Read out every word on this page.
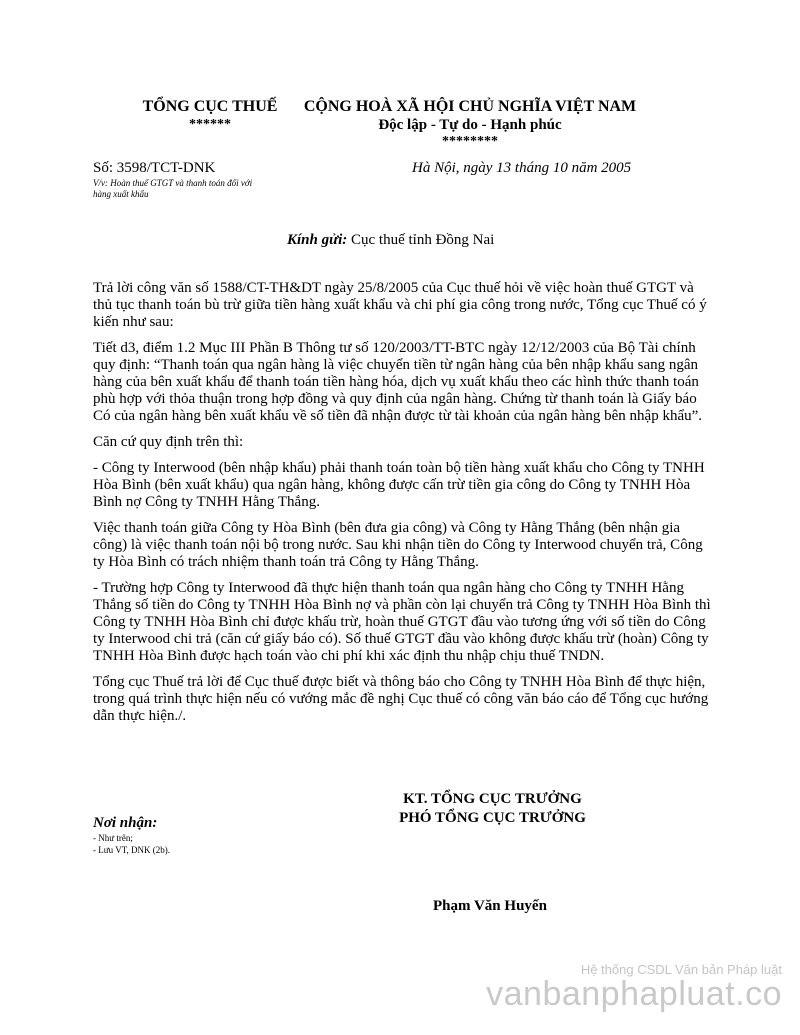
TỔNG CỤC THUẾ
******
CỘNG HOÀ XÃ HỘI CHỦ NGHĨA VIỆT NAM
Độc lập - Tự do - Hạnh phúc
********
Số: 3598/TCT-DNK
V/v: Hoàn thuế GTGT và thanh toán đối với
hàng xuất khẩu
Hà Nội, ngày 13 tháng 10 năm 2005
Kính gửi: Cục thuế tỉnh Đồng Nai

Trả lời công văn số 1588/CT-TH&DT ngày 25/8/2005 của Cục thuế hỏi về việc hoàn thuế GTGT và thủ tục thanh toán bù trừ giữa tiền hàng xuất khẩu và chi phí gia công trong nước, Tổng cục Thuế có ý kiến như sau:

Tiết d3, điểm 1.2 Mục III Phần B Thông tư số 120/2003/TT-BTC ngày 12/12/2003 của Bộ Tài chính quy định: “Thanh toán qua ngân hàng là việc chuyển tiền từ ngân hàng của bên nhập khẩu sang ngân hàng của bên xuất khẩu để thanh toán tiền hàng hóa, dịch vụ xuất khẩu theo các hình thức thanh toán phù hợp với thỏa thuận trong hợp đồng và quy định của ngân hàng. Chứng từ thanh toán là Giấy báo Có của ngân hàng bên xuất khẩu về số tiền đã nhận được từ tài khoản của ngân hàng bên nhập khẩu”.

Căn cứ quy định trên thì:

- Công ty Interwood (bên nhập khẩu) phải thanh toán toàn bộ tiền hàng xuất khẩu cho Công ty TNHH Hòa Bình (bên xuất khẩu) qua ngân hàng, không được cấn trừ tiền gia công do Công ty TNHH Hòa Bình nợ Công ty TNHH Hằng Thắng.

Việc thanh toán giữa Công ty Hòa Bình (bên đưa gia công) và Công ty Hằng Thắng (bên nhận gia công) là việc thanh toán nội bộ trong nước. Sau khi nhận tiền do Công ty Interwood chuyển trả, Công ty Hòa Bình có trách nhiệm thanh toán trả Công ty Hằng Thắng.

- Trường hợp Công ty Interwood đã thực hiện thanh toán qua ngân hàng cho Công ty TNHH Hằng Thắng số tiền do Công ty TNHH Hòa Bình nợ và phần còn lại chuyển trả Công ty TNHH Hòa Bình thì Công ty TNHH Hòa Bình chỉ được khấu trừ, hoàn thuế GTGT đầu vào tương ứng với số tiền do Công ty Interwood chi trả (căn cứ giấy báo có). Số thuế GTGT đầu vào không được khấu trừ (hoàn) Công ty TNHH Hòa Bình được hạch toán vào chi phí khi xác định thu nhập chịu thuế TNDN.

Tổng cục Thuế trả lời để Cục thuế được biết và thông báo cho Công ty TNHH Hòa Bình để thực hiện, trong quá trình thực hiện nếu có vướng mắc đề nghị Cục thuế có công văn báo cáo để Tổng cục hướng dẫn thực hiện./.

KT. TỔNG CỤC TRƯỞNG
PHÓ TỔNG CỤC TRƯỞNG
Nơi nhận:
- Như trên;
- Lưu VT, DNK (2b).
Phạm Văn Huyến
Hệ thống CSDL Văn bản Pháp luật
vanbanphapluat.co
